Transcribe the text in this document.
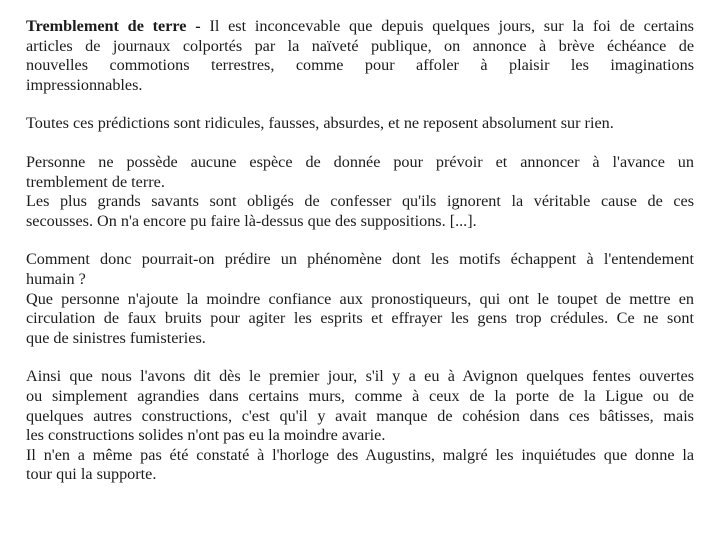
Tremblement de terre - Il est inconcevable que depuis quelques jours, sur la foi de certains
articles de journaux colportés par la naïveté publique, on annonce à brève échéance de
nouvelles commotions terrestres, comme pour affoler à plaisir les imaginations
impressionnables.

Toutes ces prédictions sont ridicules, fausses, absurdes, et ne reposent absolument sur rien.

Personne ne possède aucune espèce de donnée pour prévoir et annoncer à l'avance un
tremblement de terre.
Les plus grands savants sont obligés de confesser qu'ils ignorent la véritable cause de ces
secousses. On n'a encore pu faire là-dessus que des suppositions. [...].

Comment donc pourrait-on prédire un phénomène dont les motifs échappent à l'entendement
humain ?
Que personne n'ajoute la moindre confiance aux pronostiqueurs, qui ont le toupet de mettre en
circulation de faux bruits pour agiter les esprits et effrayer les gens trop crédules. Ce ne sont
que de sinistres fumisteries.

Ainsi que nous l'avons dit dès le premier jour, s'il y a eu à Avignon quelques fentes ouvertes
ou simplement agrandies dans certains murs, comme à ceux de la porte de la Ligue ou de
quelques autres constructions, c'est qu'il y avait manque de cohésion dans ces bâtisses, mais
les constructions solides n'ont pas eu la moindre avarie.
Il n'en a même pas été constaté à l'horloge des Augustins, malgré les inquiétudes que donne la
tour qui la supporte.
